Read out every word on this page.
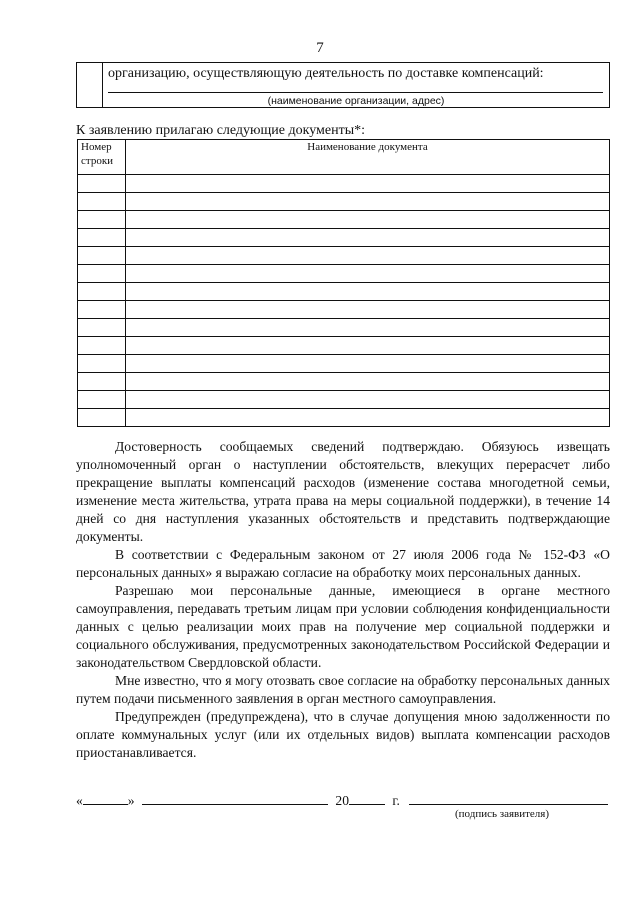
7
организацию, осуществляющую деятельность по доставке компенсаций:
(наименование организации, адрес)
К заявлению прилагаю следующие документы*:
Номер
строки	Наименование документа

Достоверность сообщаемых сведений подтверждаю. Обязуюсь извещать уполномоченный орган о наступлении обстоятельств, влекущих перерасчет либо прекращение выплаты компенсаций расходов (изменение состава многодетной семьи, изменение места жительства, утрата права на меры социальной поддержки), в течение 14 дней со дня наступления указанных обстоятельств и представить подтверждающие документы.

В соответствии с Федеральным законом от 27 июля 2006 года № 152-ФЗ «О персональных данных» я выражаю согласие на обработку моих персональных данных.

Разрешаю мои персональные данные, имеющиеся в органе местного самоуправления, передавать третьим лицам при условии соблюдения конфиденциальности данных с целью реализации моих прав на получение мер социальной поддержки и социального обслуживания, предусмотренных законодательством Российской Федерации и законодательством Свердловской области.

Мне известно, что я могу отозвать свое согласие на обработку персональных данных путем подачи письменного заявления в орган местного самоуправления.

Предупрежден (предупреждена), что в случае допущения мною задолженности по оплате коммунальных услуг (или их отдельных видов) выплата компенсации расходов приостанавливается.

«	»	20	г.
(подпись заявителя)
